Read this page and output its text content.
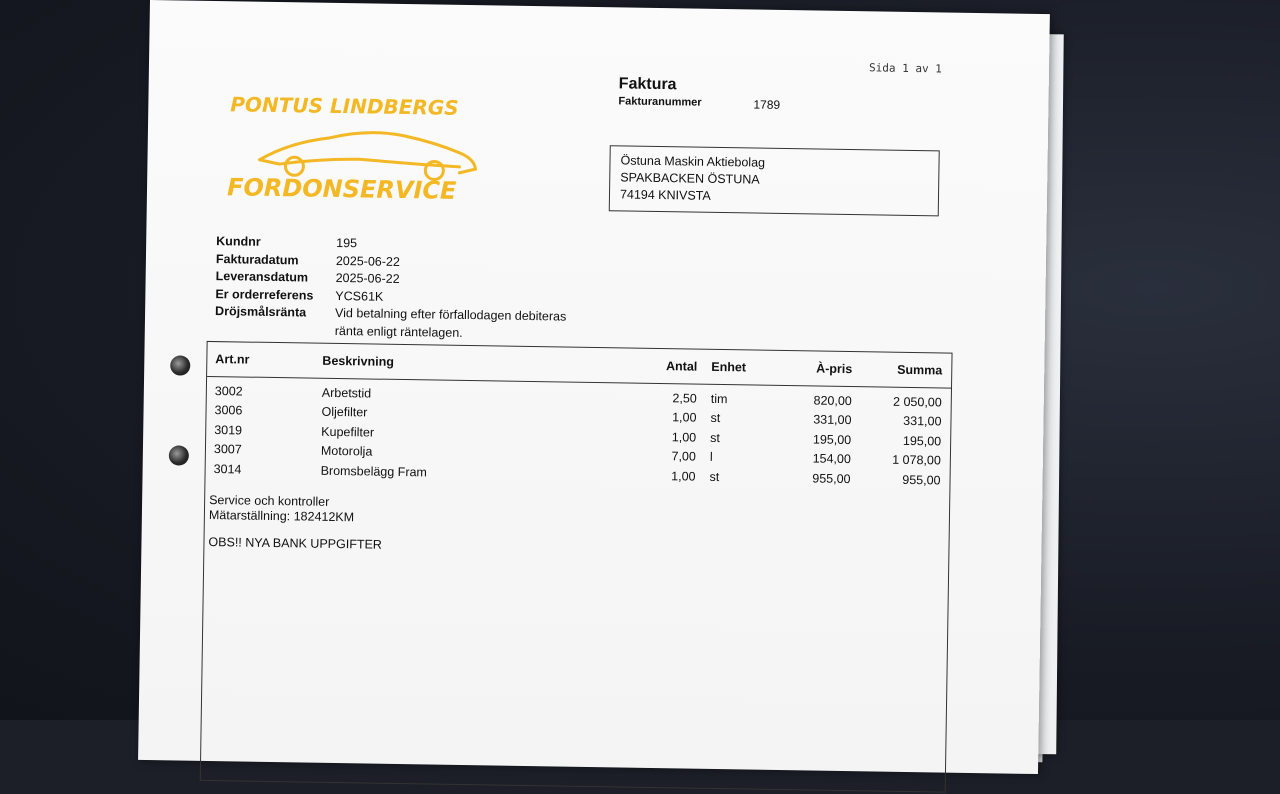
Sida 1 av 1
Faktura
Fakturanummer	1789
PONTUS LINDBERGS
FORDONSERVICE
Östuna Maskin Aktiebolag
SPAKBACKEN ÖSTUNA
74194 KNIVSTA
Kundnr	195
Fakturadatum	2025-06-22
Leveransdatum	2025-06-22
Er orderreferens	YCS61K
Dröjsmålsränta	Vid betalning efter förfallodagen debiteras ränta enligt räntelagen.
Art.nr	Beskrivning	Antal	Enhet	À-pris	Summa
3002	Arbetstid	2,50	tim	820,00	2 050,00
3006	Oljefilter	1,00	st	331,00	331,00
3019	Kupefilter	1,00	st	195,00	195,00
3007	Motorolja	7,00	l	154,00	1 078,00
3014	Bromsbelägg Fram	1,00	st	955,00	955,00
Service och kontroller
Mätarställning: 182412KM
OBS!! NYA BANK UPPGIFTER
